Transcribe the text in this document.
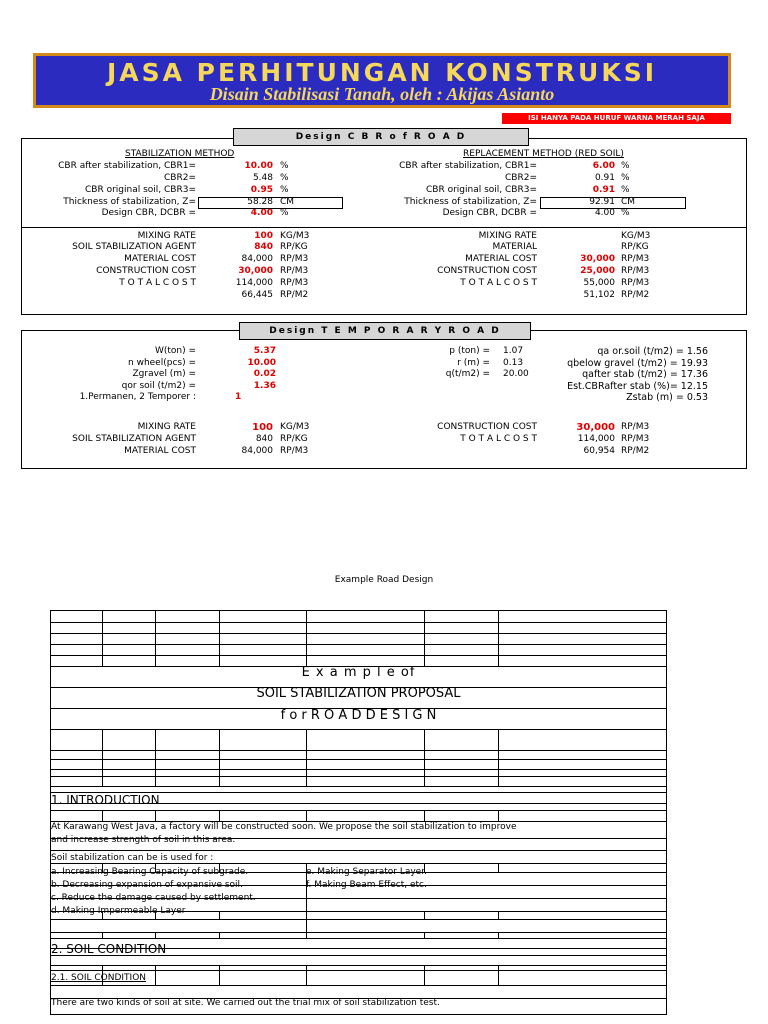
JASA PERHITUNGAN KONSTRUKSI
Disain Stabilisasi Tanah, oleh : Akijas Asianto
ISI HANYA PADA HURUF WARNA MERAH SAJA
Design C B R o f R O A D
STABILIZATION METHOD	REPLACEMENT METHOD (RED SOIL)
CBR after stabilization, CBR1=	10.00 %
CBR2=	5.48 %
CBR original soil, CBR3=	0.95 %
Thickness of stabilization, Z=	58.28 CM
Design CBR, DCBR =	4.00 %
MIXING RATE	100 KG/M3
SOIL STABILIZATION AGENT	840 RP/KG
MATERIAL COST	84,000 RP/M3
CONSTRUCTION COST	30,000 RP/M3
T O T A L C O S T	114,000 RP/M3
66,445 RP/M2
CBR after stabilization, CBR1=	6.00 %
CBR2=	0.91 %
CBR original soil, CBR3=	0.91 %
Thickness of stabilization, Z=	92.91 CM
Design CBR, DCBR =	4.00 %
MIXING RATE	KG/M3
MATERIAL	RP/KG
MATERIAL COST	30,000 RP/M3
CONSTRUCTION COST	25,000 RP/M3
T O T A L C O S T	55,000 RP/M3
51,102 RP/M2
Design T E M P O R A R Y R O A D
W(ton) =	5.37
n wheel(pcs) =	10.00
Zgravel (m) =	0.02
qor soil (t/m2) =	1.36
1.Permanen, 2 Temporer :	1
p (ton) = 1.07
r (m) = 0.13
q(t/m2) = 20.00
qa or.soil (t/m2) = 1.56
qbelow gravel (t/m2) = 19.93
qafter stab (t/m2) = 17.36
Est.CBRafter stab (%)= 12.15
Zstab (m) = 0.53
MIXING RATE	100 KG/M3
SOIL STABILIZATION AGENT	840 RP/KG
MATERIAL COST	84,000 RP/M3
CONSTRUCTION COST	30,000 RP/M3
T O T A L C O S T	114,000 RP/M3
60,954 RP/M2
Example Road Design
E x a m p l e of
SOIL STABILIZATION PROPOSAL
f o r R O A D D E S I G N
1. INTRODUCTION
At Karawang West Java, a factory will be constructed soon. We propose the soil stabilization to improve
and increase strength of soil in this area.
Soil stabilization can be is used for :
a. Increasing Bearing Capacity of subgrade.
b. Decreasing expansion of expansive soil.
c. Reduce the damage caused by settlement.
d. Making Impermeable Layer
e. Making Separator Layer.
f. Making Beam Effect, etc.
2. SOIL CONDITION
2.1. SOIL CONDITION
There are two kinds of soil at site. We carried out the trial mix of soil stabilization test.
